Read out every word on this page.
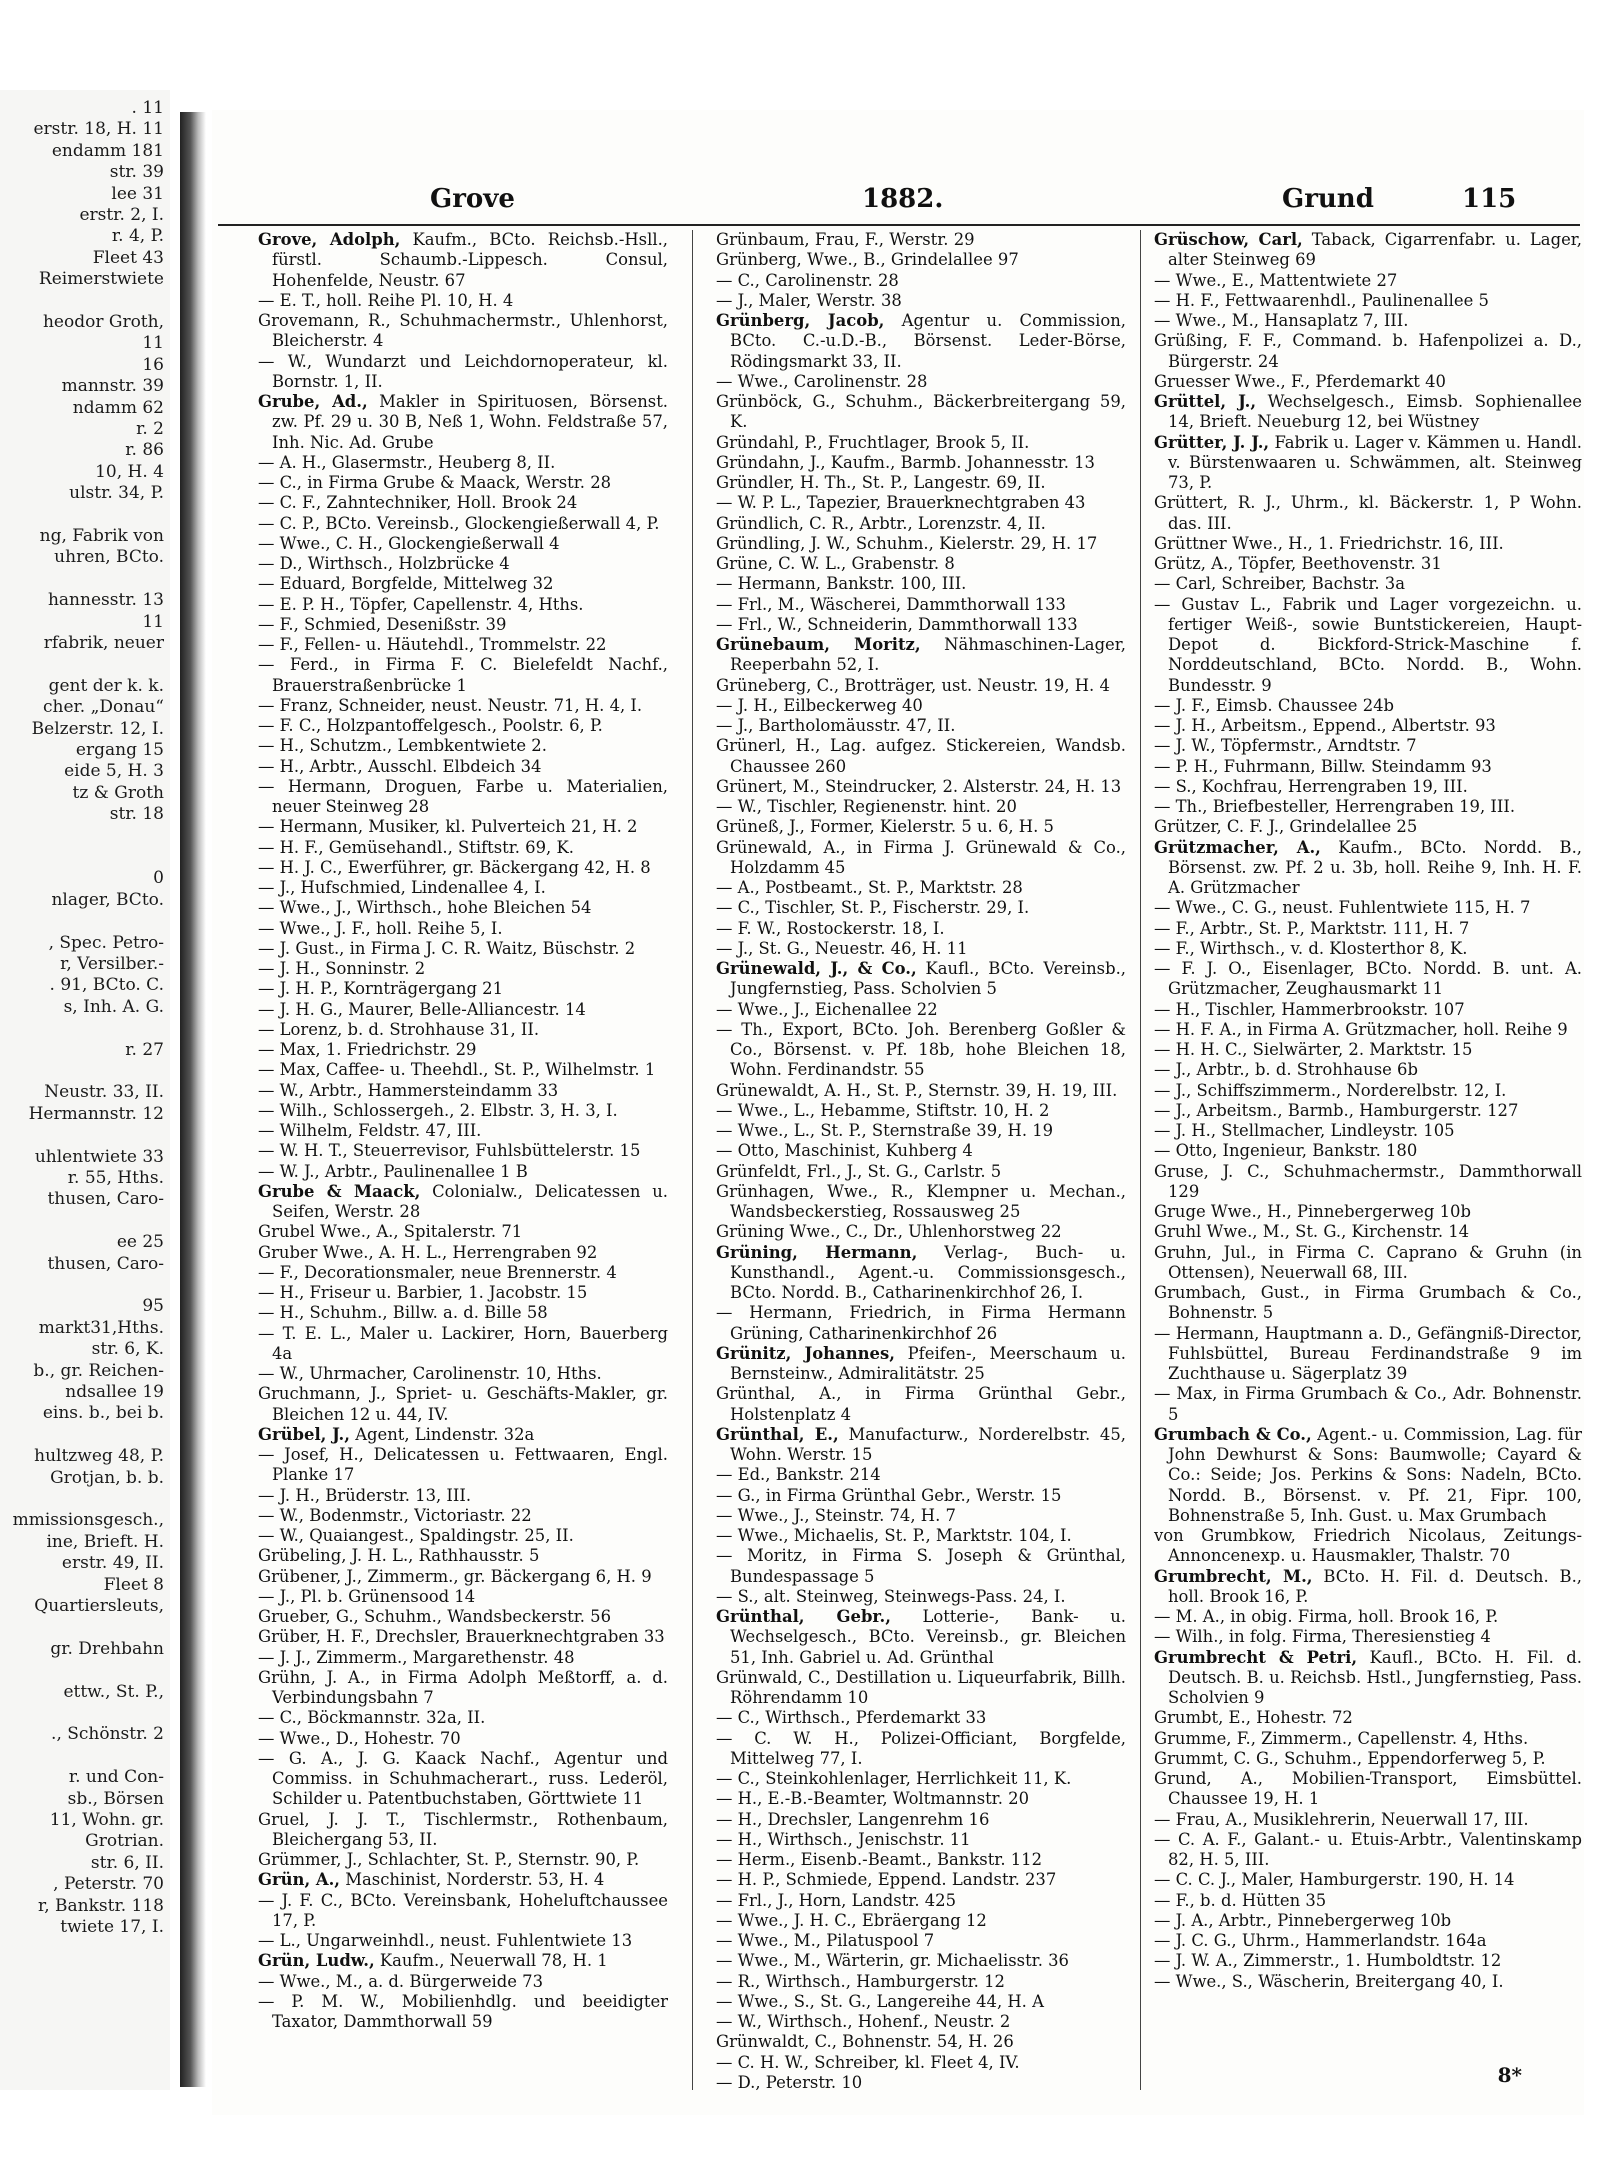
. 11
erstr. 18, H. 11
endamm 181
str. 39
lee 31
erstr. 2, I.
r. 4, P.
Fleet 43
Reimerstwiete
heodor Groth,
11
16
mannstr. 39
ndamm 62
r. 2
r. 86
10, H. 4
ulstr. 34, P.
ng, Fabrik von
uhren, BCto.
hannesstr. 13
11
rfabrik, neuer
gent der k. k.
cher. „Donau“
Belzerstr. 12, I.
ergang 15
eide 5, H. 3
tz & Groth
str. 18
0
nlager, BCto.
, Spec. Petro-
r, Versilber.-
. 91, BCto. C.
s, Inh. A. G.
r. 27
Neustr. 33, II.
Hermannstr. 12
uhlentwiete 33
r. 55, Hths.
thusen, Caro-
ee 25
thusen, Caro-
95
markt31,Hths.
str. 6, K.
b., gr. Reichen-
ndsallee 19
eins. b., bei b.
hultzweg 48, P.
Grotjan, b. b.
mmissionsgesch.,
ine, Brieft. H.
erstr. 49, II.
Fleet 8
Quartiersleuts,
gr. Drehbahn
ettw., St. P.,
., Schönstr. 2
r. und Con-
sb., Börsen
11, Wohn. gr.
Grotrian.
str. 6, II.
, Peterstr. 70
r, Bankstr. 118
twiete 17, I.
Grove	1882.	Grund	115
Grove, Adolph, Kaufm., BCto. Reichsb.-Hsll., fürstl. Schaumb.-Lippesch. Consul, Hohenfelde, Neustr. 67
— E. T., holl. Reihe Pl. 10, H. 4
Grovemann, R., Schuhmachermstr., Uhlenhorst, Bleicherstr. 4
— W., Wundarzt und Leichdornoperateur, kl. Bornstr. 1, II.
Grube, Ad., Makler in Spirituosen, Börsenst. zw. Pf. 29 u. 30 B, Neß 1, Wohn. Feldstraße 57, Inh. Nic. Ad. Grube
— A. H., Glasermstr., Heuberg 8, II.
— C., in Firma Grube & Maack, Werstr. 28
— C. F., Zahntechniker, Holl. Brook 24
— C. P., BCto. Vereinsb., Glockengießerwall 4, P.
— Wwe., C. H., Glockengießerwall 4
— D., Wirthsch., Holzbrücke 4
— Eduard, Borgfelde, Mittelweg 32
— E. P. H., Töpfer, Capellenstr. 4, Hths.
— F., Schmied, Desenißstr. 39
— F., Fellen- u. Häutehdl., Trommelstr. 22
— Ferd., in Firma F. C. Bielefeldt Nachf., Brauerstraßenbrücke 1
— Franz, Schneider, neust. Neustr. 71, H. 4, I.
— F. C., Holzpantoffelgesch., Poolstr. 6, P.
— H., Schutzm., Lembkentwiete 2.
— H., Arbtr., Ausschl. Elbdeich 34
— Hermann, Droguen, Farbe u. Materialien, neuer Steinweg 28
— Hermann, Musiker, kl. Pulverteich 21, H. 2
— H. F., Gemüsehandl., Stiftstr. 69, K.
— H. J. C., Ewerführer, gr. Bäckergang 42, H. 8
— J., Hufschmied, Lindenallee 4, I.
— Wwe., J., Wirthsch., hohe Bleichen 54
— Wwe., J. F., holl. Reihe 5, I.
— J. Gust., in Firma J. C. R. Waitz, Büschstr. 2
— J. H., Sonninstr. 2
— J. H. P., Kornträgergang 21
— J. H. G., Maurer, Belle-Alliancestr. 14
— Lorenz, b. d. Strohhause 31, II.
— Max, 1. Friedrichstr. 29
— Max, Caffee- u. Theehdl., St. P., Wilhelmstr. 1
— W., Arbtr., Hammersteindamm 33
— Wilh., Schlossergeh., 2. Elbstr. 3, H. 3, I.
— Wilhelm, Feldstr. 47, III.
— W. H. T., Steuerrevisor, Fuhlsbüttelerstr. 15
— W. J., Arbtr., Paulinenallee 1 B
Grube & Maack, Colonialw., Delicatessen u. Seifen, Werstr. 28
Grubel Wwe., A., Spitalerstr. 71
Gruber Wwe., A. H. L., Herrengraben 92
— F., Decorationsmaler, neue Brennerstr. 4
— H., Friseur u. Barbier, 1. Jacobstr. 15
— H., Schuhm., Billw. a. d. Bille 58
— T. E. L., Maler u. Lackirer, Horn, Bauerberg 4a
— W., Uhrmacher, Carolinenstr. 10, Hths.
Gruchmann, J., Spriet- u. Geschäfts-Makler, gr. Bleichen 12 u. 44, IV.
Grübel, J., Agent, Lindenstr. 32a
— Josef, H., Delicatessen u. Fettwaaren, Engl. Planke 17
— J. H., Brüderstr. 13, III.
— W., Bodenmstr., Victoriastr. 22
— W., Quaiangest., Spaldingstr. 25, II.
Grübeling, J. H. L., Rathhausstr. 5
Grübener, J., Zimmerm., gr. Bäckergang 6, H. 9
— J., Pl. b. Grünensood 14
Grueber, G., Schuhm., Wandsbeckerstr. 56
Grüber, H. F., Drechsler, Brauerknechtgraben 33
— J. J., Zimmerm., Margarethenstr. 48
Grühn, J. A., in Firma Adolph Meßtorff, a. d. Verbindungsbahn 7
— C., Böckmannstr. 32a, II.
— Wwe., D., Hohestr. 70
— G. A., J. G. Kaack Nachf., Agentur und Commiss. in Schuhmacherart., russ. Lederöl, Schilder u. Patentbuchstaben, Görttwiete 11
Gruel, J. J. T., Tischlermstr., Rothenbaum, Bleichergang 53, II.
Grümmer, J., Schlachter, St. P., Sternstr. 90, P.
Grün, A., Maschinist, Norderstr. 53, H. 4
— J. F. C., BCto. Vereinsbank, Hoheluftchaussee 17, P.
— L., Ungarweinhdl., neust. Fuhlentwiete 13
Grün, Ludw., Kaufm., Neuerwall 78, H. 1
— Wwe., M., a. d. Bürgerweide 73
— P. M. W., Mobilienhdlg. und beeidigter Taxator, Dammthorwall 59
Grünbaum, Frau, F., Werstr. 29
Grünberg, Wwe., B., Grindelallee 97
— C., Carolinenstr. 28
— J., Maler, Werstr. 38
Grünberg, Jacob, Agentur u. Commission, BCto. C.-u.D.-B., Börsenst. Leder-Börse, Rödingsmarkt 33, II.
— Wwe., Carolinenstr. 28
Grünböck, G., Schuhm., Bäckerbreitergang 59, K.
Gründahl, P., Fruchtlager, Brook 5, II.
Gründahn, J., Kaufm., Barmb. Johannesstr. 13
Gründler, H. Th., St. P., Langestr. 69, II.
— W. P. L., Tapezier, Brauerknechtgraben 43
Gründlich, C. R., Arbtr., Lorenzstr. 4, II.
Gründling, J. W., Schuhm., Kielerstr. 29, H. 17
Grüne, C. W. L., Grabenstr. 8
— Hermann, Bankstr. 100, III.
— Frl., M., Wäscherei, Dammthorwall 133
— Frl., W., Schneiderin, Dammthorwall 133
Grünebaum, Moritz, Nähmaschinen-Lager, Reeperbahn 52, I.
Grüneberg, C., Brotträger, ust. Neustr. 19, H. 4
— J. H., Eilbeckerweg 40
— J., Bartholomäusstr. 47, II.
Grünerl, H., Lag. aufgez. Stickereien, Wandsb. Chaussee 260
Grünert, M., Steindrucker, 2. Alsterstr. 24, H. 13
— W., Tischler, Regienenstr. hint. 20
Grüneß, J., Former, Kielerstr. 5 u. 6, H. 5
Grünewald, A., in Firma J. Grünewald & Co., Holzdamm 45
— A., Postbeamt., St. P., Marktstr. 28
— C., Tischler, St. P., Fischerstr. 29, I.
— F. W., Rostockerstr. 18, I.
— J., St. G., Neuestr. 46, H. 11
Grünewald, J., & Co., Kaufl., BCto. Vereinsb., Jungfernstieg, Pass. Scholvien 5
— Wwe., J., Eichenallee 22
— Th., Export, BCto. Joh. Berenberg Goßler & Co., Börsenst. v. Pf. 18b, hohe Bleichen 18, Wohn. Ferdinandstr. 55
Grünewaldt, A. H., St. P., Sternstr. 39, H. 19, III.
— Wwe., L., Hebamme, Stiftstr. 10, H. 2
— Wwe., L., St. P., Sternstraße 39, H. 19
— Otto, Maschinist, Kuhberg 4
Grünfeldt, Frl., J., St. G., Carlstr. 5
Grünhagen, Wwe., R., Klempner u. Mechan., Wandsbeckerstieg, Rossausweg 25
Grüning Wwe., C., Dr., Uhlenhorstweg 22
Grüning, Hermann, Verlag-, Buch- u. Kunsthandl., Agent.-u. Commissionsgesch., BCto. Nordd. B., Catharinenkirchhof 26, I.
— Hermann, Friedrich, in Firma Hermann Grüning, Catharinenkirchhof 26
Grünitz, Johannes, Pfeifen-, Meerschaum u. Bernsteinw., Admiralitätstr. 25
Grünthal, A., in Firma Grünthal Gebr., Holstenplatz 4
Grünthal, E., Manufacturw., Norderelbstr. 45, Wohn. Werstr. 15
— Ed., Bankstr. 214
— G., in Firma Grünthal Gebr., Werstr. 15
— Wwe., J., Steinstr. 74, H. 7
— Wwe., Michaelis, St. P., Marktstr. 104, I.
— Moritz, in Firma S. Joseph & Grünthal, Bundespassage 5
— S., alt. Steinweg, Steinwegs-Pass. 24, I.
Grünthal, Gebr., Lotterie-, Bank- u. Wechselgesch., BCto. Vereinsb., gr. Bleichen 51, Inh. Gabriel u. Ad. Grünthal
Grünwald, C., Destillation u. Liqueurfabrik, Billh. Röhrendamm 10
— C., Wirthsch., Pferdemarkt 33
— C. W. H., Polizei-Officiant, Borgfelde, Mittelweg 77, I.
— C., Steinkohlenlager, Herrlichkeit 11, K.
— H., E.-B.-Beamter, Woltmannstr. 20
— H., Drechsler, Langenrehm 16
— H., Wirthsch., Jenischstr. 11
— Herm., Eisenb.-Beamt., Bankstr. 112
— H. P., Schmiede, Eppend. Landstr. 237
— Frl., J., Horn, Landstr. 425
— Wwe., J. H. C., Ebräergang 12
— Wwe., M., Pilatuspool 7
— Wwe., M., Wärterin, gr. Michaelisstr. 36
— R., Wirthsch., Hamburgerstr. 12
— Wwe., S., St. G., Langereihe 44, H. A
— W., Wirthsch., Hohenf., Neustr. 2
Grünwaldt, C., Bohnenstr. 54, H. 26
— C. H. W., Schreiber, kl. Fleet 4, IV.
— D., Peterstr. 10
Grüschow, Carl, Taback, Cigarrenfabr. u. Lager, alter Steinweg 69
— Wwe., E., Mattentwiete 27
— H. F., Fettwaarenhdl., Paulinenallee 5
— Wwe., M., Hansaplatz 7, III.
Grüßing, F. F., Command. b. Hafenpolizei a. D., Bürgerstr. 24
Gruesser Wwe., F., Pferdemarkt 40
Grüttel, J., Wechselgesch., Eimsb. Sophienallee 14, Brieft. Neueburg 12, bei Wüstney
Grütter, J. J., Fabrik u. Lager v. Kämmen u. Handl. v. Bürstenwaaren u. Schwämmen, alt. Steinweg 73, P.
Grüttert, R. J., Uhrm., kl. Bäckerstr. 1, P Wohn. das. III.
Grüttner Wwe., H., 1. Friedrichstr. 16, III.
Grütz, A., Töpfer, Beethovenstr. 31
— Carl, Schreiber, Bachstr. 3a
— Gustav L., Fabrik und Lager vorgezeichn. u. fertiger Weiß-, sowie Buntstickereien, Haupt-Depot d. Bickford-Strick-Maschine f. Norddeutschland, BCto. Nordd. B., Wohn. Bundesstr. 9
— J. F., Eimsb. Chaussee 24b
— J. H., Arbeitsm., Eppend., Albertstr. 93
— J. W., Töpfermstr., Arndtstr. 7
— P. H., Fuhrmann, Billw. Steindamm 93
— S., Kochfrau, Herrengraben 19, III.
— Th., Briefbesteller, Herrengraben 19, III.
Grützer, C. F. J., Grindelallee 25
Grützmacher, A., Kaufm., BCto. Nordd. B., Börsenst. zw. Pf. 2 u. 3b, holl. Reihe 9, Inh. H. F. A. Grützmacher
— Wwe., C. G., neust. Fuhlentwiete 115, H. 7
— F., Arbtr., St. P., Marktstr. 111, H. 7
— F., Wirthsch., v. d. Klosterthor 8, K.
— F. J. O., Eisenlager, BCto. Nordd. B. unt. A. Grützmacher, Zeughausmarkt 11
— H., Tischler, Hammerbrookstr. 107
— H. F. A., in Firma A. Grützmacher, holl. Reihe 9
— H. H. C., Sielwärter, 2. Marktstr. 15
— J., Arbtr., b. d. Strohhause 6b
— J., Schiffszimmerm., Norderelbstr. 12, I.
— J., Arbeitsm., Barmb., Hamburgerstr. 127
— J. H., Stellmacher, Lindleystr. 105
— Otto, Ingenieur, Bankstr. 180
Gruse, J. C., Schuhmachermstr., Dammthorwall 129
Gruge Wwe., H., Pinnebergerweg 10b
Gruhl Wwe., M., St. G., Kirchenstr. 14
Gruhn, Jul., in Firma C. Caprano & Gruhn (in Ottensen), Neuerwall 68, III.
Grumbach, Gust., in Firma Grumbach & Co., Bohnenstr. 5
— Hermann, Hauptmann a. D., Gefängniß-Director, Fuhlsbüttel, Bureau Ferdinandstraße 9 im Zuchthause u. Sägerplatz 39
— Max, in Firma Grumbach & Co., Adr. Bohnenstr. 5
Grumbach & Co., Agent.- u. Commission, Lag. für John Dewhurst & Sons: Baumwolle; Cayard & Co.: Seide; Jos. Perkins & Sons: Nadeln, BCto. Nordd. B., Börsenst. v. Pf. 21, Fipr. 100, Bohnenstraße 5, Inh. Gust. u. Max Grumbach
von Grumbkow, Friedrich Nicolaus, Zeitungs-Annoncenexp. u. Hausmakler, Thalstr. 70
Grumbrecht, M., BCto. H. Fil. d. Deutsch. B., holl. Brook 16, P.
— M. A., in obig. Firma, holl. Brook 16, P.
— Wilh., in folg. Firma, Theresienstieg 4
Grumbrecht & Petri, Kaufl., BCto. H. Fil. d. Deutsch. B. u. Reichsb. Hstl., Jungfernstieg, Pass. Scholvien 9
Grumbt, E., Hohestr. 72
Grumme, F., Zimmerm., Capellenstr. 4, Hths.
Grummt, C. G., Schuhm., Eppendorferweg 5, P.
Grund, A., Mobilien-Transport, Eimsbüttel. Chaussee 19, H. 1
— Frau, A., Musiklehrerin, Neuerwall 17, III.
— C. A. F., Galant.- u. Etuis-Arbtr., Valentinskamp 82, H. 5, III.
— C. C. J., Maler, Hamburgerstr. 190, H. 14
— F., b. d. Hütten 35
— J. A., Arbtr., Pinnebergerweg 10b
— J. C. G., Uhrm., Hammerlandstr. 164a
— J. W. A., Zimmerstr., 1. Humboldtstr. 12
— Wwe., S., Wäscherin, Breitergang 40, I.
8*
